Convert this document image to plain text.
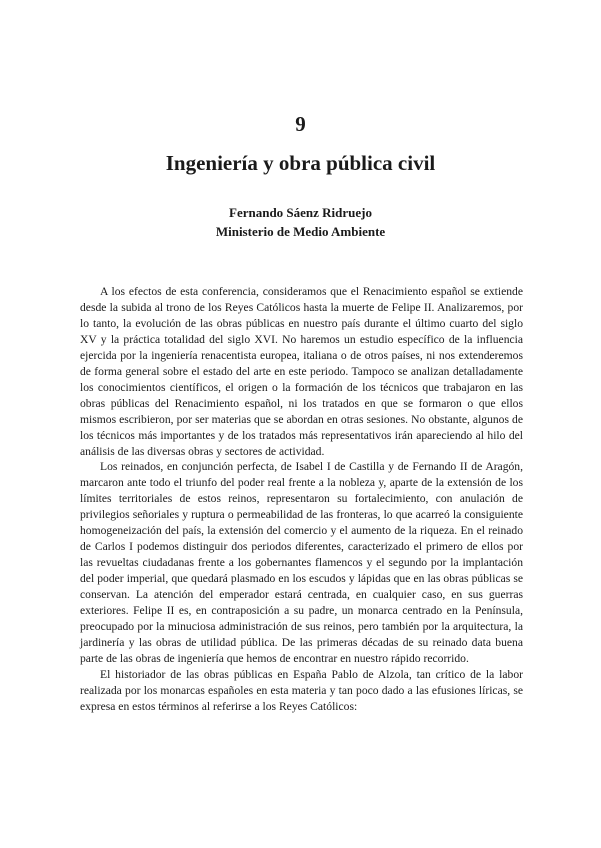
9
Ingeniería y obra pública civil
Fernando Sáenz Ridruejo
Ministerio de Medio Ambiente

A los efectos de esta conferencia, consideramos que el Renacimiento español se extiende desde la subida al trono de los Reyes Católicos hasta la muerte de Felipe II. Analizaremos, por lo tanto, la evolución de las obras públicas en nuestro país durante el último cuarto del siglo XV y la práctica totalidad del siglo XVI. No haremos un estudio específico de la influencia ejercida por la ingeniería renacentista europea, italiana o de otros países, ni nos extenderemos de forma general sobre el estado del arte en este periodo. Tampoco se analizan detalladamente los conocimientos científicos, el origen o la formación de los técnicos que trabajaron en las obras públicas del Renacimiento español, ni los tratados en que se formaron o que ellos mismos escribieron, por ser materias que se abordan en otras sesiones. No obstante, algunos de los técnicos más importantes y de los tratados más representativos irán apareciendo al hilo del análisis de las diversas obras y sectores de actividad.

Los reinados, en conjunción perfecta, de Isabel I de Castilla y de Fernando II de Aragón, marcaron ante todo el triunfo del poder real frente a la nobleza y, aparte de la extensión de los límites territoriales de estos reinos, representaron su fortalecimiento, con anulación de privilegios señoriales y ruptura o permeabilidad de las fronteras, lo que acarreó la consiguiente homogeneización del país, la extensión del comercio y el aumento de la riqueza. En el reinado de Carlos I podemos distinguir dos periodos diferentes, caracterizado el primero de ellos por las revueltas ciudadanas frente a los gobernantes flamencos y el segundo por la implantación del poder imperial, que quedará plasmado en los escudos y lápidas que en las obras públicas se conservan. La atención del emperador estará centrada, en cualquier caso, en sus guerras exteriores. Felipe II es, en contraposición a su padre, un monarca centrado en la Península, preocupado por la minuciosa administración de sus reinos, pero también por la arquitectura, la jardinería y las obras de utilidad pública. De las primeras décadas de su reinado data buena parte de las obras de ingeniería que hemos de encontrar en nuestro rápido recorrido.

El historiador de las obras públicas en España Pablo de Alzola, tan crítico de la labor realizada por los monarcas españoles en esta materia y tan poco dado a las efusiones líricas, se expresa en estos términos al referirse a los Reyes Católicos:
